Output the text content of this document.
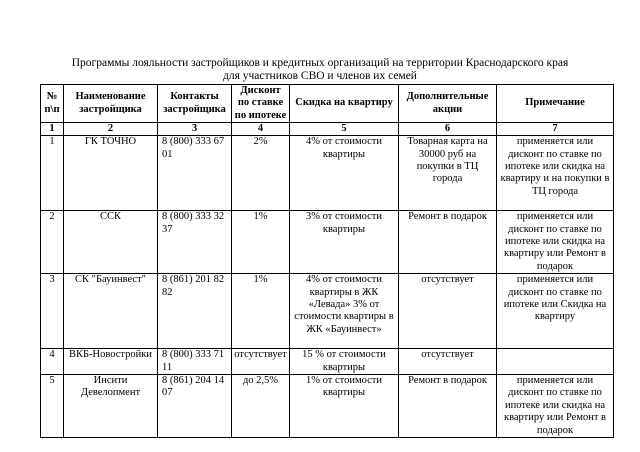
Программы лояльности застройщиков и кредитных организаций на территории Краснодарского края
для участников СВО и членов их семей
№ п\п	Наименование застройщика	Контакты застройщика	Дисконт по ставке по ипотеке	Скидка на квартиру	Дополнительные акции	Примечание
1	2	3	4	5	6	7
1	ГК ТОЧНО	8 (800) 333 67 01	2%	4% от стоимости квартиры	Товарная карта на 30000 руб на покупки в ТЦ города	применяется или дисконт по ставке по ипотеке или скидка на квартиру и на покупки в ТЦ города
2	ССК	8 (800) 333 32 37	1%	3% от стоимости квартиры	Ремонт в подарок	применяется или дисконт по ставке по ипотеке или скидка на квартиру или Ремонт в подарок
3	СК "Бауинвест"	8 (861) 201 82 82	1%	4% от стоимости квартиры в ЖК «Левада» 3% от стоимости квартиры в ЖК «Бауинвест»	отсутствует	применяется или дисконт по ставке по ипотеке или Скидка на квартиру
4	ВКБ-Новостройки	8 (800) 333 71 11	отсутствует	15 % от стоимости квартиры	отсутствует	
5	Инсити Девелопмент	8 (861) 204 14 07	до 2,5%	1% от стоимости квартиры	Ремонт в подарок	применяется или дисконт по ставке по ипотеке или скидка на квартиру или Ремонт в подарок
